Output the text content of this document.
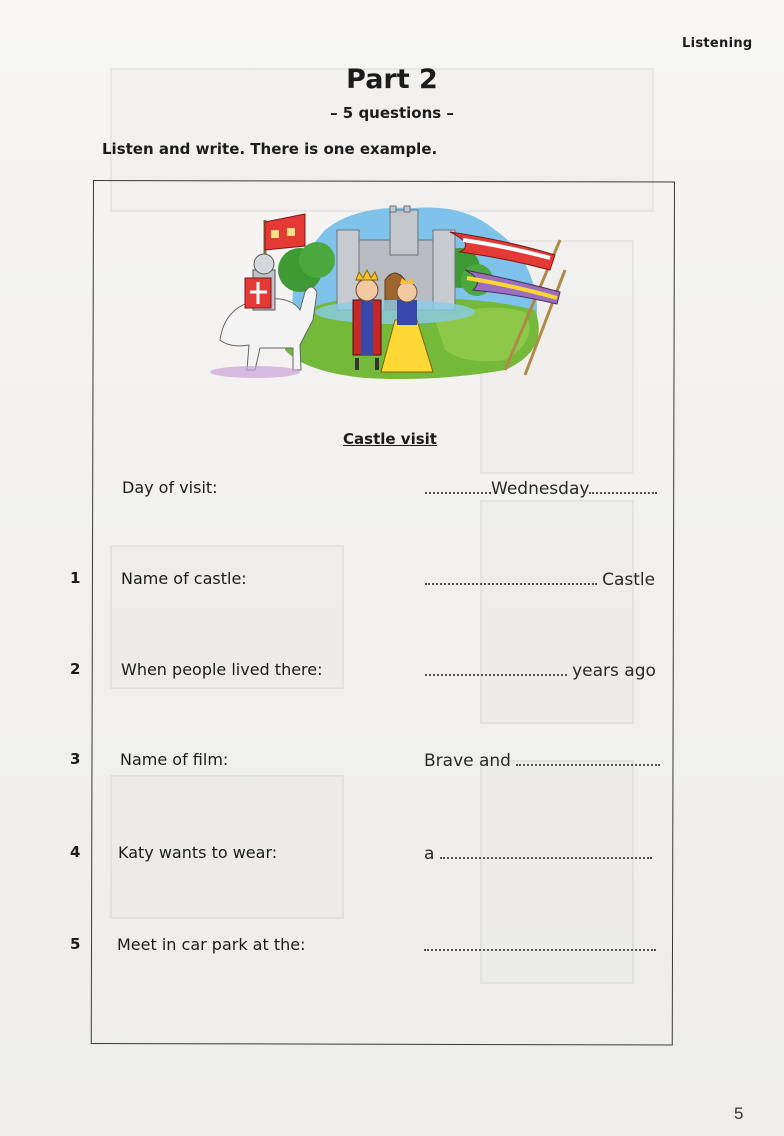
Listening
Part 2
– 5 questions –
Listen and write. There is one example.
Castle visit
Day of visit:	Wednesday
1	Name of castle:	Castle
2	When people lived there:	years ago
3 Name of film:	Brave and
4 Katy wants to wear:	a
5 Meet in car park at the:
5
